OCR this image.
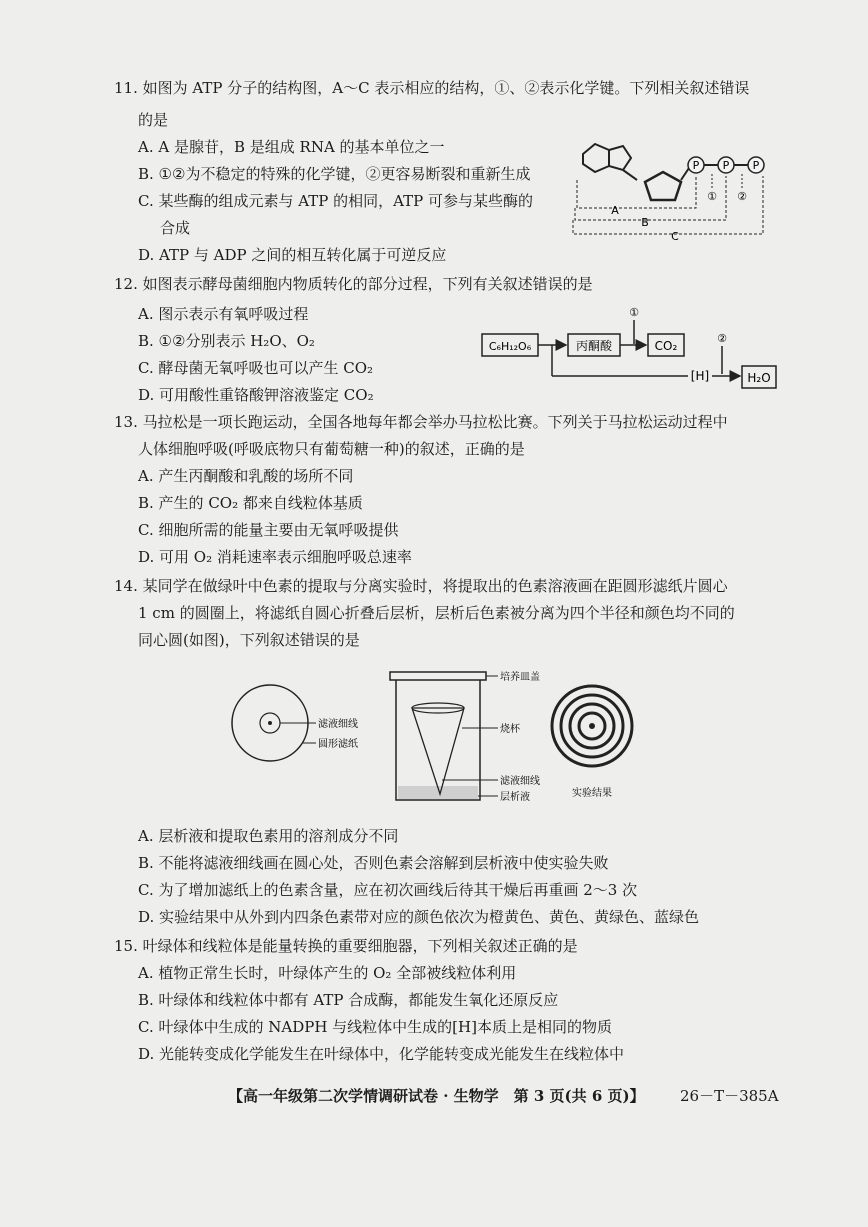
11. 如图为 ATP 分子的结构图，A～C 表示相应的结构，①、②表示化学键。下列相关叙述错误
的是
A. A 是腺苷，B 是组成 RNA 的基本单位之一
B. ①②为不稳定的特殊的化学键，②更容易断裂和重新生成
C. 某些酶的组成元素与 ATP 的相同，ATP 可参与某些酶的
合成
D. ATP 与 ADP 之间的相互转化属于可逆反应
P P P
① ②
A
B
C
12. 如图表示酵母菌细胞内物质转化的部分过程，下列有关叙述错误的是
A. 图示表示有氧呼吸过程
B. ①②分别表示 H₂O、O₂
C. 酵母菌无氧呼吸也可以产生 CO₂
D. 可用酸性重铬酸钾溶液鉴定 CO₂
C₆H₁₂O₆	丙酮酸	CO₂
①
[H]
②
H₂O
13. 马拉松是一项长跑运动，全国各地每年都会举办马拉松比赛。下列关于马拉松运动过程中
人体细胞呼吸(呼吸底物只有葡萄糖一种)的叙述，正确的是
A. 产生丙酮酸和乳酸的场所不同
B. 产生的 CO₂ 都来自线粒体基质
C. 细胞所需的能量主要由无氧呼吸提供
D. 可用 O₂ 消耗速率表示细胞呼吸总速率
14. 某同学在做绿叶中色素的提取与分离实验时，将提取出的色素溶液画在距圆形滤纸片圆心
1 cm 的圆圈上，将滤纸自圆心折叠后层析，层析后色素被分离为四个半径和颜色均不同的
同心圆(如图)，下列叙述错误的是
滤液细线
圆形滤纸
培养皿盖
烧杯
滤液细线
层析液	实验结果
A. 层析液和提取色素用的溶剂成分不同
B. 不能将滤液细线画在圆心处，否则色素会溶解到层析液中使实验失败
C. 为了增加滤纸上的色素含量，应在初次画线后待其干燥后再重画 2～3 次
D. 实验结果中从外到内四条色素带对应的颜色依次为橙黄色、黄色、黄绿色、蓝绿色
15. 叶绿体和线粒体是能量转换的重要细胞器，下列相关叙述正确的是
A. 植物正常生长时，叶绿体产生的 O₂ 全部被线粒体利用
B. 叶绿体和线粒体中都有 ATP 合成酶，都能发生氧化还原反应
C. 叶绿体中生成的 NADPH 与线粒体中生成的[H]本质上是相同的物质
D. 光能转变成化学能发生在叶绿体中，化学能转变成光能发生在线粒体中
【高一年级第二次学情调研试卷 · 生物学　第 3 页(共 6 页)】 26－T－385A
